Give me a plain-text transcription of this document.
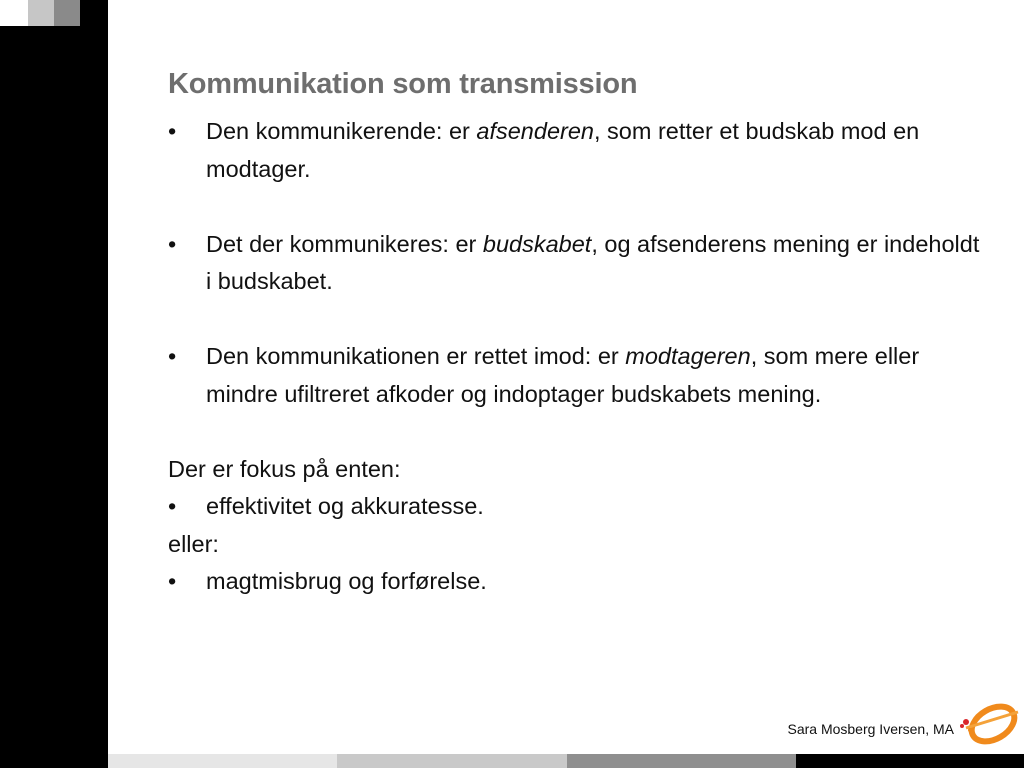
Kommunikation som transmission
•	Den kommunikerende: er afsenderen, som retter et budskab mod en modtager.
•	Det der kommunikeres: er budskabet, og afsenderens mening er indeholdt i budskabet.
•	Den kommunikationen er rettet imod: er modtageren, som mere eller mindre ufiltreret afkoder og indoptager budskabets mening.
Der er fokus på enten:
•	effektivitet og akkuratesse.
eller:
•	magtmisbrug og forførelse.
Sara Mosberg Iversen, MA
